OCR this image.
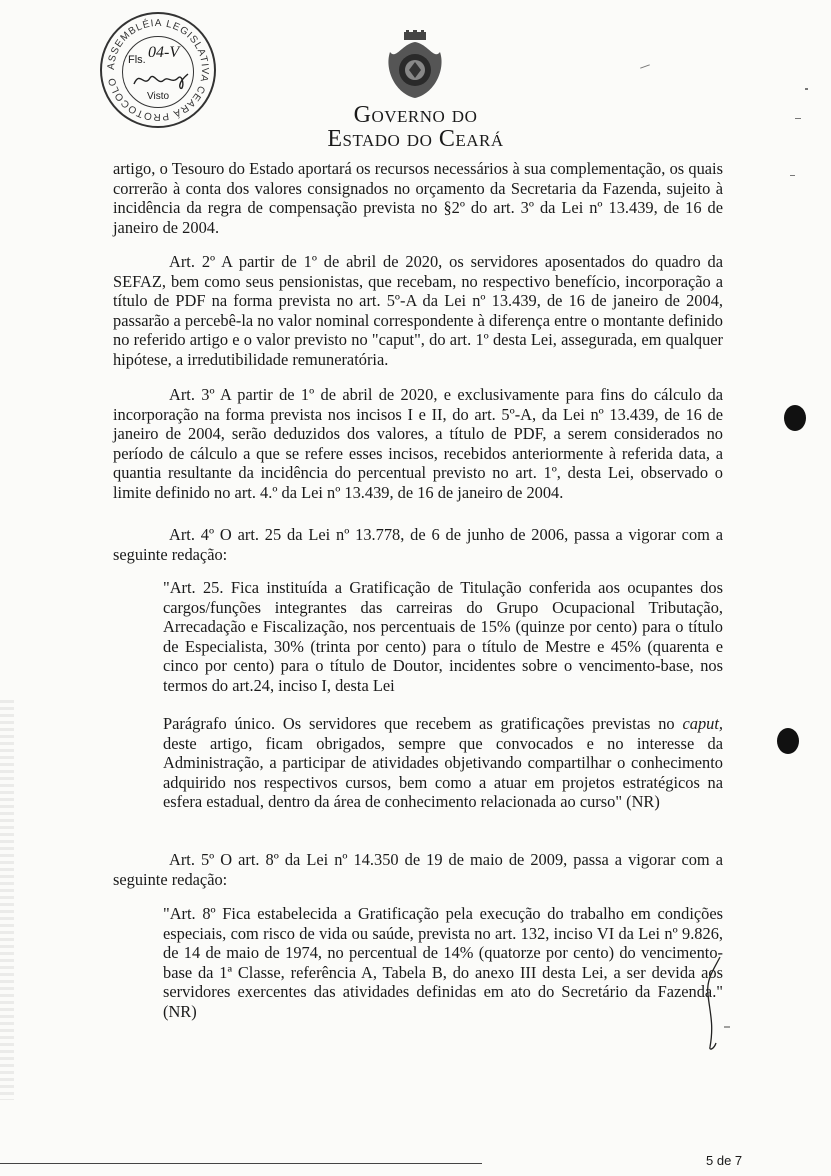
ASSEMBLÉIA LEGISLATIVA CEARÁ PROTOCOLO
Fls. 04-V
Visto
Governo do
Estado do Ceará
artigo, o Tesouro do Estado aportará os recursos necessários à sua complementação, os quais correrão à conta dos valores consignados no orçamento da Secretaria da Fazenda, sujeito à incidência da regra de compensação prevista no §2º do art. 3º da Lei nº 13.439, de 16 de janeiro de 2004.
Art. 2º A partir de 1º de abril de 2020, os servidores aposentados do quadro da SEFAZ, bem como seus pensionistas, que recebam, no respectivo benefício, incorporação a título de PDF na forma prevista no art. 5º-A da Lei nº 13.439, de 16 de janeiro de 2004, passarão a percebê-la no valor nominal correspondente à diferença entre o montante definido no referido artigo e o valor previsto no "caput", do art. 1º desta Lei, assegurada, em qualquer hipótese, a irredutibilidade remuneratória.
Art. 3º A partir de 1º de abril de 2020, e exclusivamente para fins do cálculo da incorporação na forma prevista nos incisos I e II, do art. 5º-A, da Lei nº 13.439, de 16 de janeiro de 2004, serão deduzidos dos valores, a título de PDF, a serem considerados no período de cálculo a que se refere esses incisos, recebidos anteriormente à referida data, a quantia resultante da incidência do percentual previsto no art. 1º, desta Lei, observado o limite definido no art. 4.º da Lei nº 13.439, de 16 de janeiro de 2004.
Art. 4º O art. 25 da Lei nº 13.778, de 6 de junho de 2006, passa a vigorar com a seguinte redação:
"Art. 25. Fica instituída a Gratificação de Titulação conferida aos ocupantes dos cargos/funções integrantes das carreiras do Grupo Ocupacional Tributação, Arrecadação e Fiscalização, nos percentuais de 15% (quinze por cento) para o título de Especialista, 30% (trinta por cento) para o título de Mestre e 45% (quarenta e cinco por cento) para o título de Doutor, incidentes sobre o vencimento-base, nos termos do art.24, inciso I, desta Lei
Parágrafo único. Os servidores que recebem as gratificações previstas no caput, deste artigo, ficam obrigados, sempre que convocados e no interesse da Administração, a participar de atividades objetivando compartilhar o conhecimento adquirido nos respectivos cursos, bem como a atuar em projetos estratégicos na esfera estadual, dentro da área de conhecimento relacionada ao curso" (NR)
Art. 5º O art. 8º da Lei nº 14.350 de 19 de maio de 2009, passa a vigorar com a seguinte redação:
"Art. 8º Fica estabelecida a Gratificação pela execução do trabalho em condições especiais, com risco de vida ou saúde, prevista no art. 132, inciso VI da Lei nº 9.826, de 14 de maio de 1974, no percentual de 14% (quatorze por cento) do vencimento-base da 1ª Classe, referência A, Tabela B, do anexo III desta Lei, a ser devida aos servidores exercentes das atividades definidas em ato do Secretário da Fazenda." (NR)
5 de 7
